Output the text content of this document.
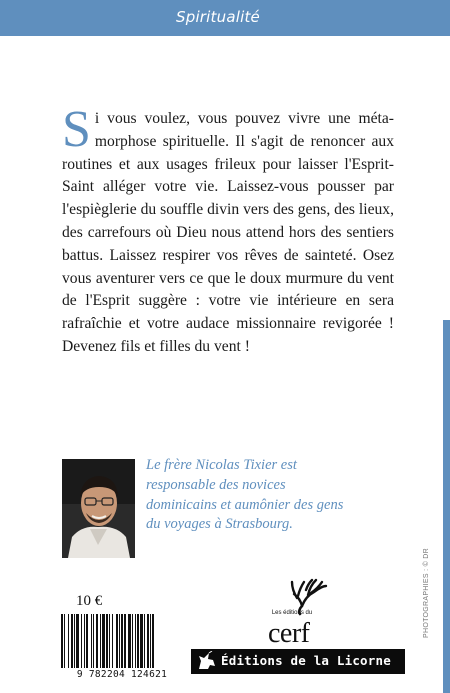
Spiritualité
Si vous voulez, vous pouvez vivre une méta-morphose spirituelle. Il s'agit de renoncer aux routines et aux usages frileux pour laisser l'Esprit-Saint alléger votre vie. Laissez-vous pousser par l'espièglerie du souffle divin vers des gens, des lieux, des carrefours où Dieu nous attend hors des sentiers battus. Laissez respirer vos rêves de sainteté. Osez vous aventurer vers ce que le doux murmure du vent de l'Esprit suggère : votre vie intérieure en sera rafraîchie et votre audace missionnaire revigorée ! Devenez fils et filles du vent !
Le frère Nicolas Tixier est responsable des novices dominicains et aumônier des gens du voyages à Strasbourg.
10 €
9 782204 124621
Les éditions du
cerf
Éditions de la Licorne
PHOTOGRAPHIES : © DR
